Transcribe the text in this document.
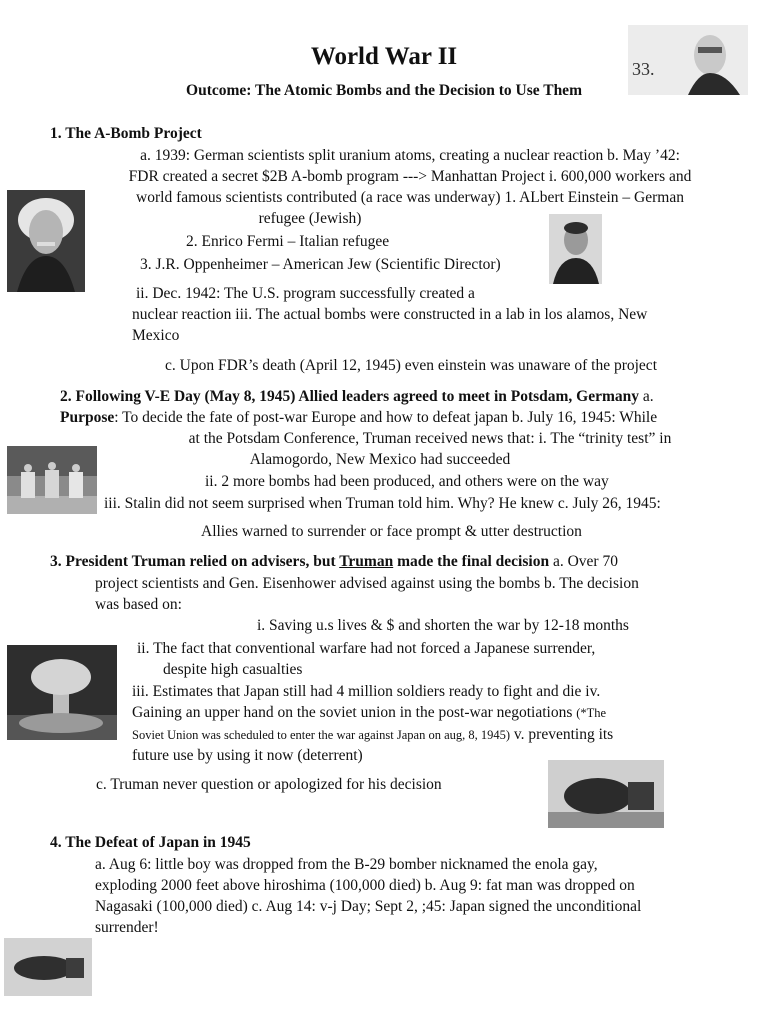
World War II
Outcome: The Atomic Bombs and the Decision to Use Them
33.
1. The A-Bomb Project
a. 1939: German scientists split uranium atoms, creating a nuclear reaction b. May ’42:
FDR created a secret $2B A-bomb program ---> Manhattan Project i. 600,000 workers and
world famous scientists contributed (a race was underway) 1. ALbert Einstein – German
refugee (Jewish)
2. Enrico Fermi – Italian refugee
3. J.R. Oppenheimer – American Jew (Scientific Director)
ii. Dec. 1942: The U.S. program successfully created a
nuclear reaction iii. The actual bombs were constructed in a lab in los alamos, New
Mexico
c. Upon FDR’s death (April 12, 1945) even einstein was unaware of the project
2. Following V-E Day (May 8, 1945) Allied leaders agreed to meet in Potsdam, Germany a.
Purpose: To decide the fate of post-war Europe and how to defeat japan b. July 16, 1945: While
at the Potsdam Conference, Truman received news that: i. The “trinity test” in
Alamogordo, New Mexico had succeeded
ii. 2 more bombs had been produced, and others were on the way
iii. Stalin did not seem surprised when Truman told him. Why? He knew c. July 26, 1945:
Allies warned to surrender or face prompt & utter destruction
3. President Truman relied on advisers, but Truman made the final decision a. Over 70
project scientists and Gen. Eisenhower advised against using the bombs b. The decision
was based on:
i. Saving u.s lives & $ and shorten the war by 12-18 months
ii. The fact that conventional warfare had not forced a Japanese surrender,
despite high casualties
iii. Estimates that Japan still had 4 million soldiers ready to fight and die iv.
Gaining an upper hand on the soviet union in the post-war negotiations (*The
Soviet Union was scheduled to enter the war against Japan on aug, 8, 1945) v. preventing its
future use by using it now (deterrent)
c. Truman never question or apologized for his decision
4. The Defeat of Japan in 1945
a. Aug 6: little boy was dropped from the B-29 bomber nicknamed the enola gay,
exploding 2000 feet above hiroshima (100,000 died) b. Aug 9: fat man was dropped on
Nagasaki (100,000 died) c. Aug 14: v-j Day; Sept 2, ;45: Japan signed the unconditional
surrender!
